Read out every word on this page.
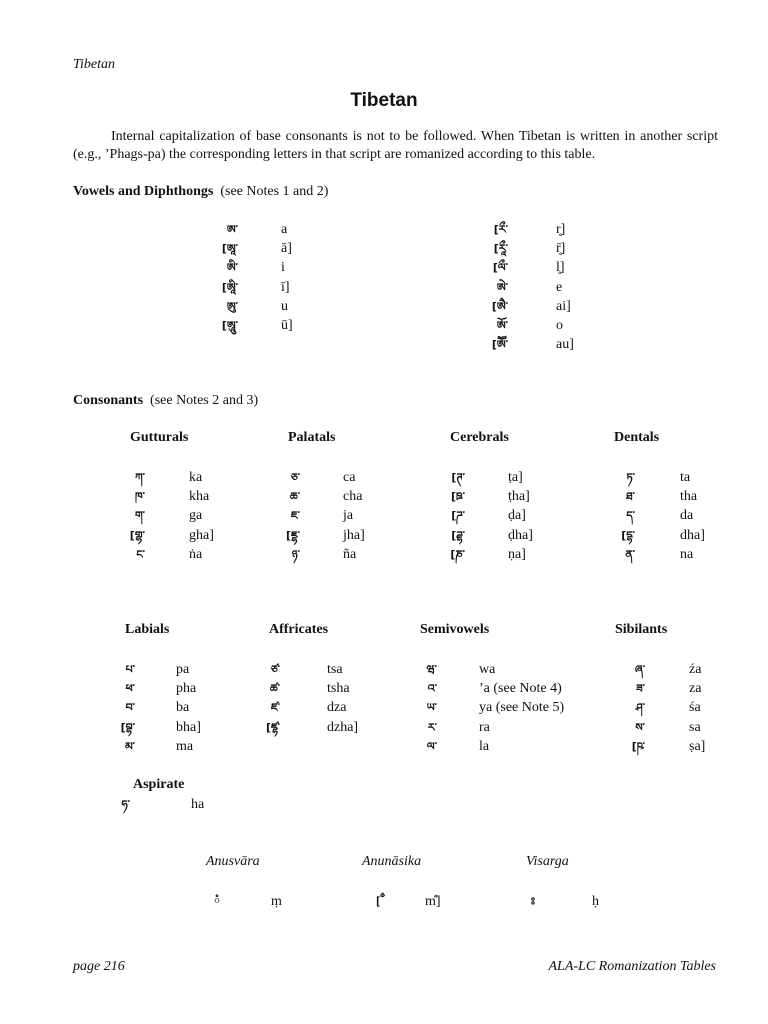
Tibetan
Tibetan
Internal capitalization of base consonants is not to be followed. When Tibetan is written in another script (e.g., ’Phags-pa) the corresponding letters in that script are romanized according to this table.
Vowels and Diphthongs (see Notes 1 and 2)
ཨ་	a
[ཨཱ་	ā]
ཨི་	i
[ཨཱི་	ī]
ཨུ་	u
[ཨཱུ་	ū]
[རྀ་	r̥]
[རཱྀ་	r̥̄]
[ལྀ་	l̥]
ཨེ་	e
[ཨཻ་	ai]
ཨོ་	o
[ཨཽ་	au]
Consonants (see Notes 2 and 3)
Gutturals
ཀ་	ka
ཁ་	kha
ག་	ga
[གྷ་	gha]
ང་	ṅa
Palatals
ཅ་	ca
ཆ་	cha
ཇ་	ja
[ཇྷ་	jha]
ཉ་	ña
Cerebrals
[ཊ་	ṭa]
[ཋ་	ṭha]
[ཌ་	ḍa]
[ཌྷ་	ḍha]
[ཎ་	ṇa]
Dentals
ཏ་	ta
ཐ་	tha
ད་	da
[དྷ་	dha]
ན་	na
Labials
པ་	pa
ཕ་	pha
བ་	ba
[བྷ་	bha]
མ་	ma
Affricates
ཙ་	tsa
ཚ་	tsha
ཛ་	dza
[ཛྷ་	dzha]
Semivowels
ཝ་	wa
འ་	’a (see Note 4)
ཡ་	ya (see Note 5)
ར་	ra
ལ་	la
Sibilants
ཞ་	źa
ཟ་	za
ཤ་	śa
ས་	sa
[ཥ་	ṣa]
Aspirate
ཧ་	ha
Anusvāra
ཾ	ṃ
Anunāsika
[ྃ	m̐]
Visarga
ཿ	ḥ
page 216	ALA-LC Romanization Tables
